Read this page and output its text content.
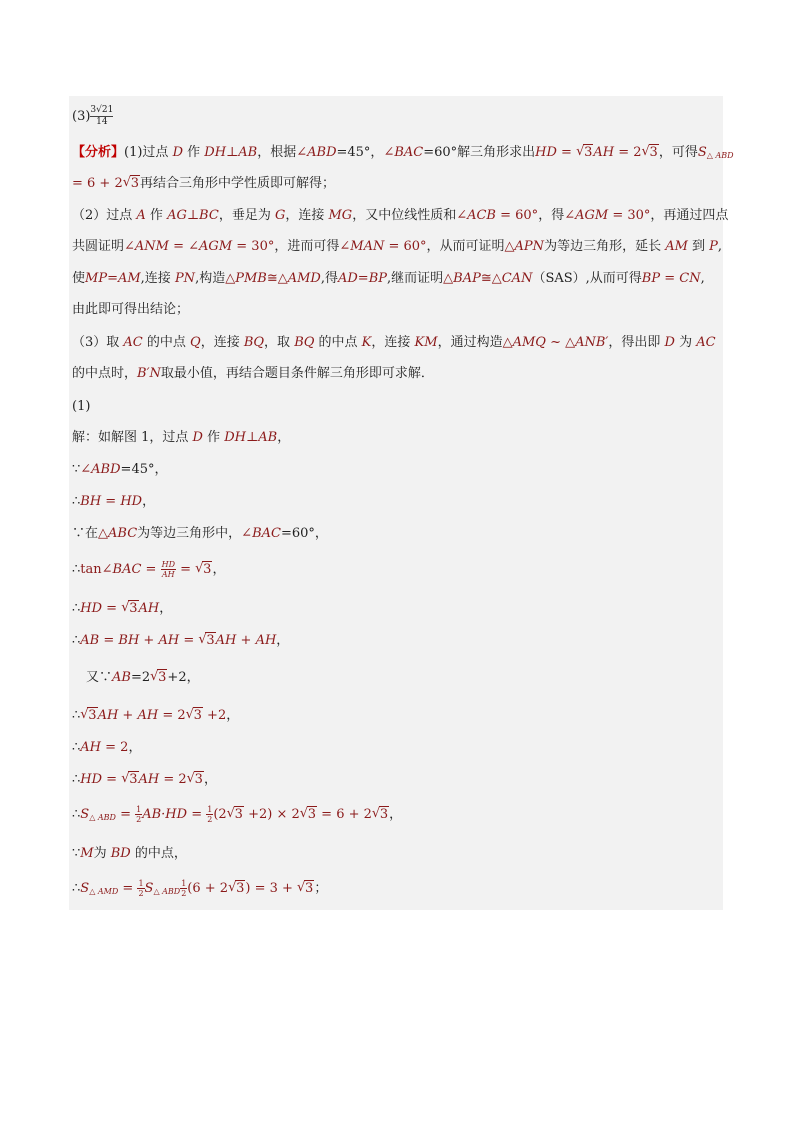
$(3) \frac{3√21}{14}$
【分析】(1)过点 D 作 DH⊥AB，根据∠ABD=45°，∠BAC=60°解三角形求出HD = √ 3AH = 2√ 3，可得$S_{\triangle ABD}$
= 6 + 2√ 3再结合三角形中学性质即可解得；
（2）过点 A 作 AG⊥BC，垂足为 G，连接 MG，又中位线性质和∠ACB = 60°，得∠AGM = 30°，再通过四点
共圆证明∠ANM = ∠AGM = 30°，进而可得∠MAN = 60°，从而可证明△APN为等边三角形，延长 AM 到 P,
使MP=AM,连接 PN,构造△PMB≅△AMD,得AD=BP,继而证明△BAP≅△CAN（SAS）,从而可得BP = CN,
由此即可得出结论；
（3）取 AC 的中点 Q，连接 BQ，取 BQ 的中点 K，连接 KM，通过构造△AMQ ~ △ANB′，得出即 D 为 AC
的中点时，B′N取最小值，再结合题目条件解三角形即可求解．
(1)
解：如解图 1，过点 D 作 DH⊥AB，
∵∠ABD=45°，
∴BH = HD，
∵在△ABC为等边三角形中，∠BAC=60°，
∴tan∠BAC = $\frac{HD}{AH}$ = √ 3，
∴HD = √ 3AH，
∴AB = BH + AH = √ 3AH + AH，
又∵AB=2√ 3+2，
∴√ 3AH + AH = 2√ 3 +2，
∴AH = 2，
∴HD = √ 3AH = 2√ 3，
$\therefore S_{\triangle ABD} = \frac{1}{2} AB\cdot HD = \frac{1}{2} (2√$ 3 +2) × 2√ 3 = 6 + 2√ 3，
∵M为 BD 的中点，
$\therefore S_{\triangle AMD} = \frac{1}{2} S_{\triangle ABD} \frac{1}{2} (6 + 2√$ 3) = 3 + √ 3；
